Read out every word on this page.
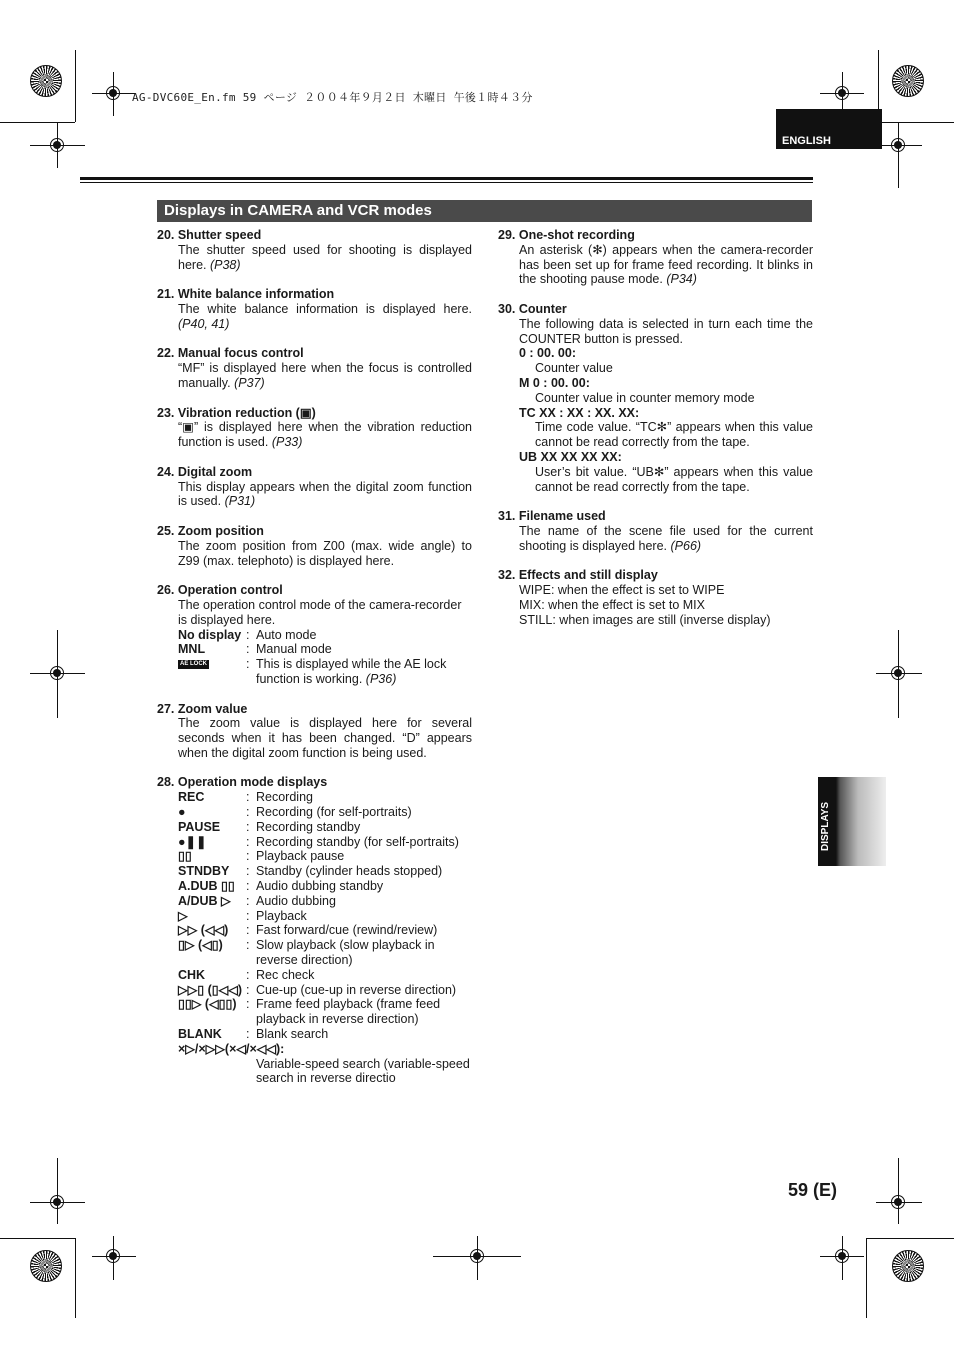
AG-DVC60E_En.fm 59 ページ ２００４年９月２日 木曜日 午後１時４３分
ENGLISH
Displays in CAMERA and VCR modes
20. Shutter speed
The shutter speed used for shooting is displayed here. (P38)
21. White balance information
The white balance information is displayed here. (P40, 41)
22. Manual focus control
“MF” is displayed here when the focus is controlled manually. (P37)
23. Vibration reduction (▣)
“▣” is displayed here when the vibration reduction function is used. (P33)
24. Digital zoom
This display appears when the digital zoom function is used. (P31)
25. Zoom position
The zoom position from Z00 (max. wide angle) to Z99 (max. telephoto) is displayed here.
26. Operation control
The operation control mode of the camera-recorder is displayed here.
No display : Auto mode
MNL	: Manual mode
AE LOCK	: This is displayed while the AE lock function is working. (P36)
27. Zoom value
The zoom value is displayed here for several seconds when it has been changed. “D” appears when the digital zoom function is being used.
28. Operation mode displays
REC	: Recording
●	: Recording (for self-portraits)
PAUSE	: Recording standby
●❚❚	: Recording standby (for self-portraits)
▯▯	: Playback pause
STNDBY	: Standby (cylinder heads stopped)
A.DUB ▯▯ : Audio dubbing standby
A/DUB ▷	: Audio dubbing
▷	: Playback
▷▷ (◁◁)	: Fast forward/cue (rewind/review)
▯▷ (◁▯)	: Slow playback (slow playback in reverse direction)
CHK	: Rec check
▷▷▯ (▯◁◁) : Cue-up (cue-up in reverse direction)
▯▯▷ (◁▯▯) : Frame feed playback (frame feed playback in reverse direction)
BLANK	: Blank search
×▷/×▷▷(×◁/×◁◁):
Variable-speed search (variable-speed search in reverse directio
29. One-shot recording
An asterisk (✻) appears when the camera-recorder has been set up for frame feed recording. It blinks in the shooting pause mode. (P34)
30. Counter
The following data is selected in turn each time the COUNTER button is pressed.
0 : 00. 00:
Counter value
M 0 : 00. 00:
Counter value in counter memory mode
TC XX : XX : XX. XX:
Time code value. “TC✻” appears when this value cannot be read correctly from the tape.
UB XX XX XX XX:
User’s bit value. “UB✻” appears when this value cannot be read correctly from the tape.
31. Filename used
The name of the scene file used for the current shooting is displayed here. (P66)
32. Effects and still display
WIPE: when the effect is set to WIPE
MIX: when the effect is set to MIX
STILL: when images are still (inverse display)
DISPLAYS
59 (E)
